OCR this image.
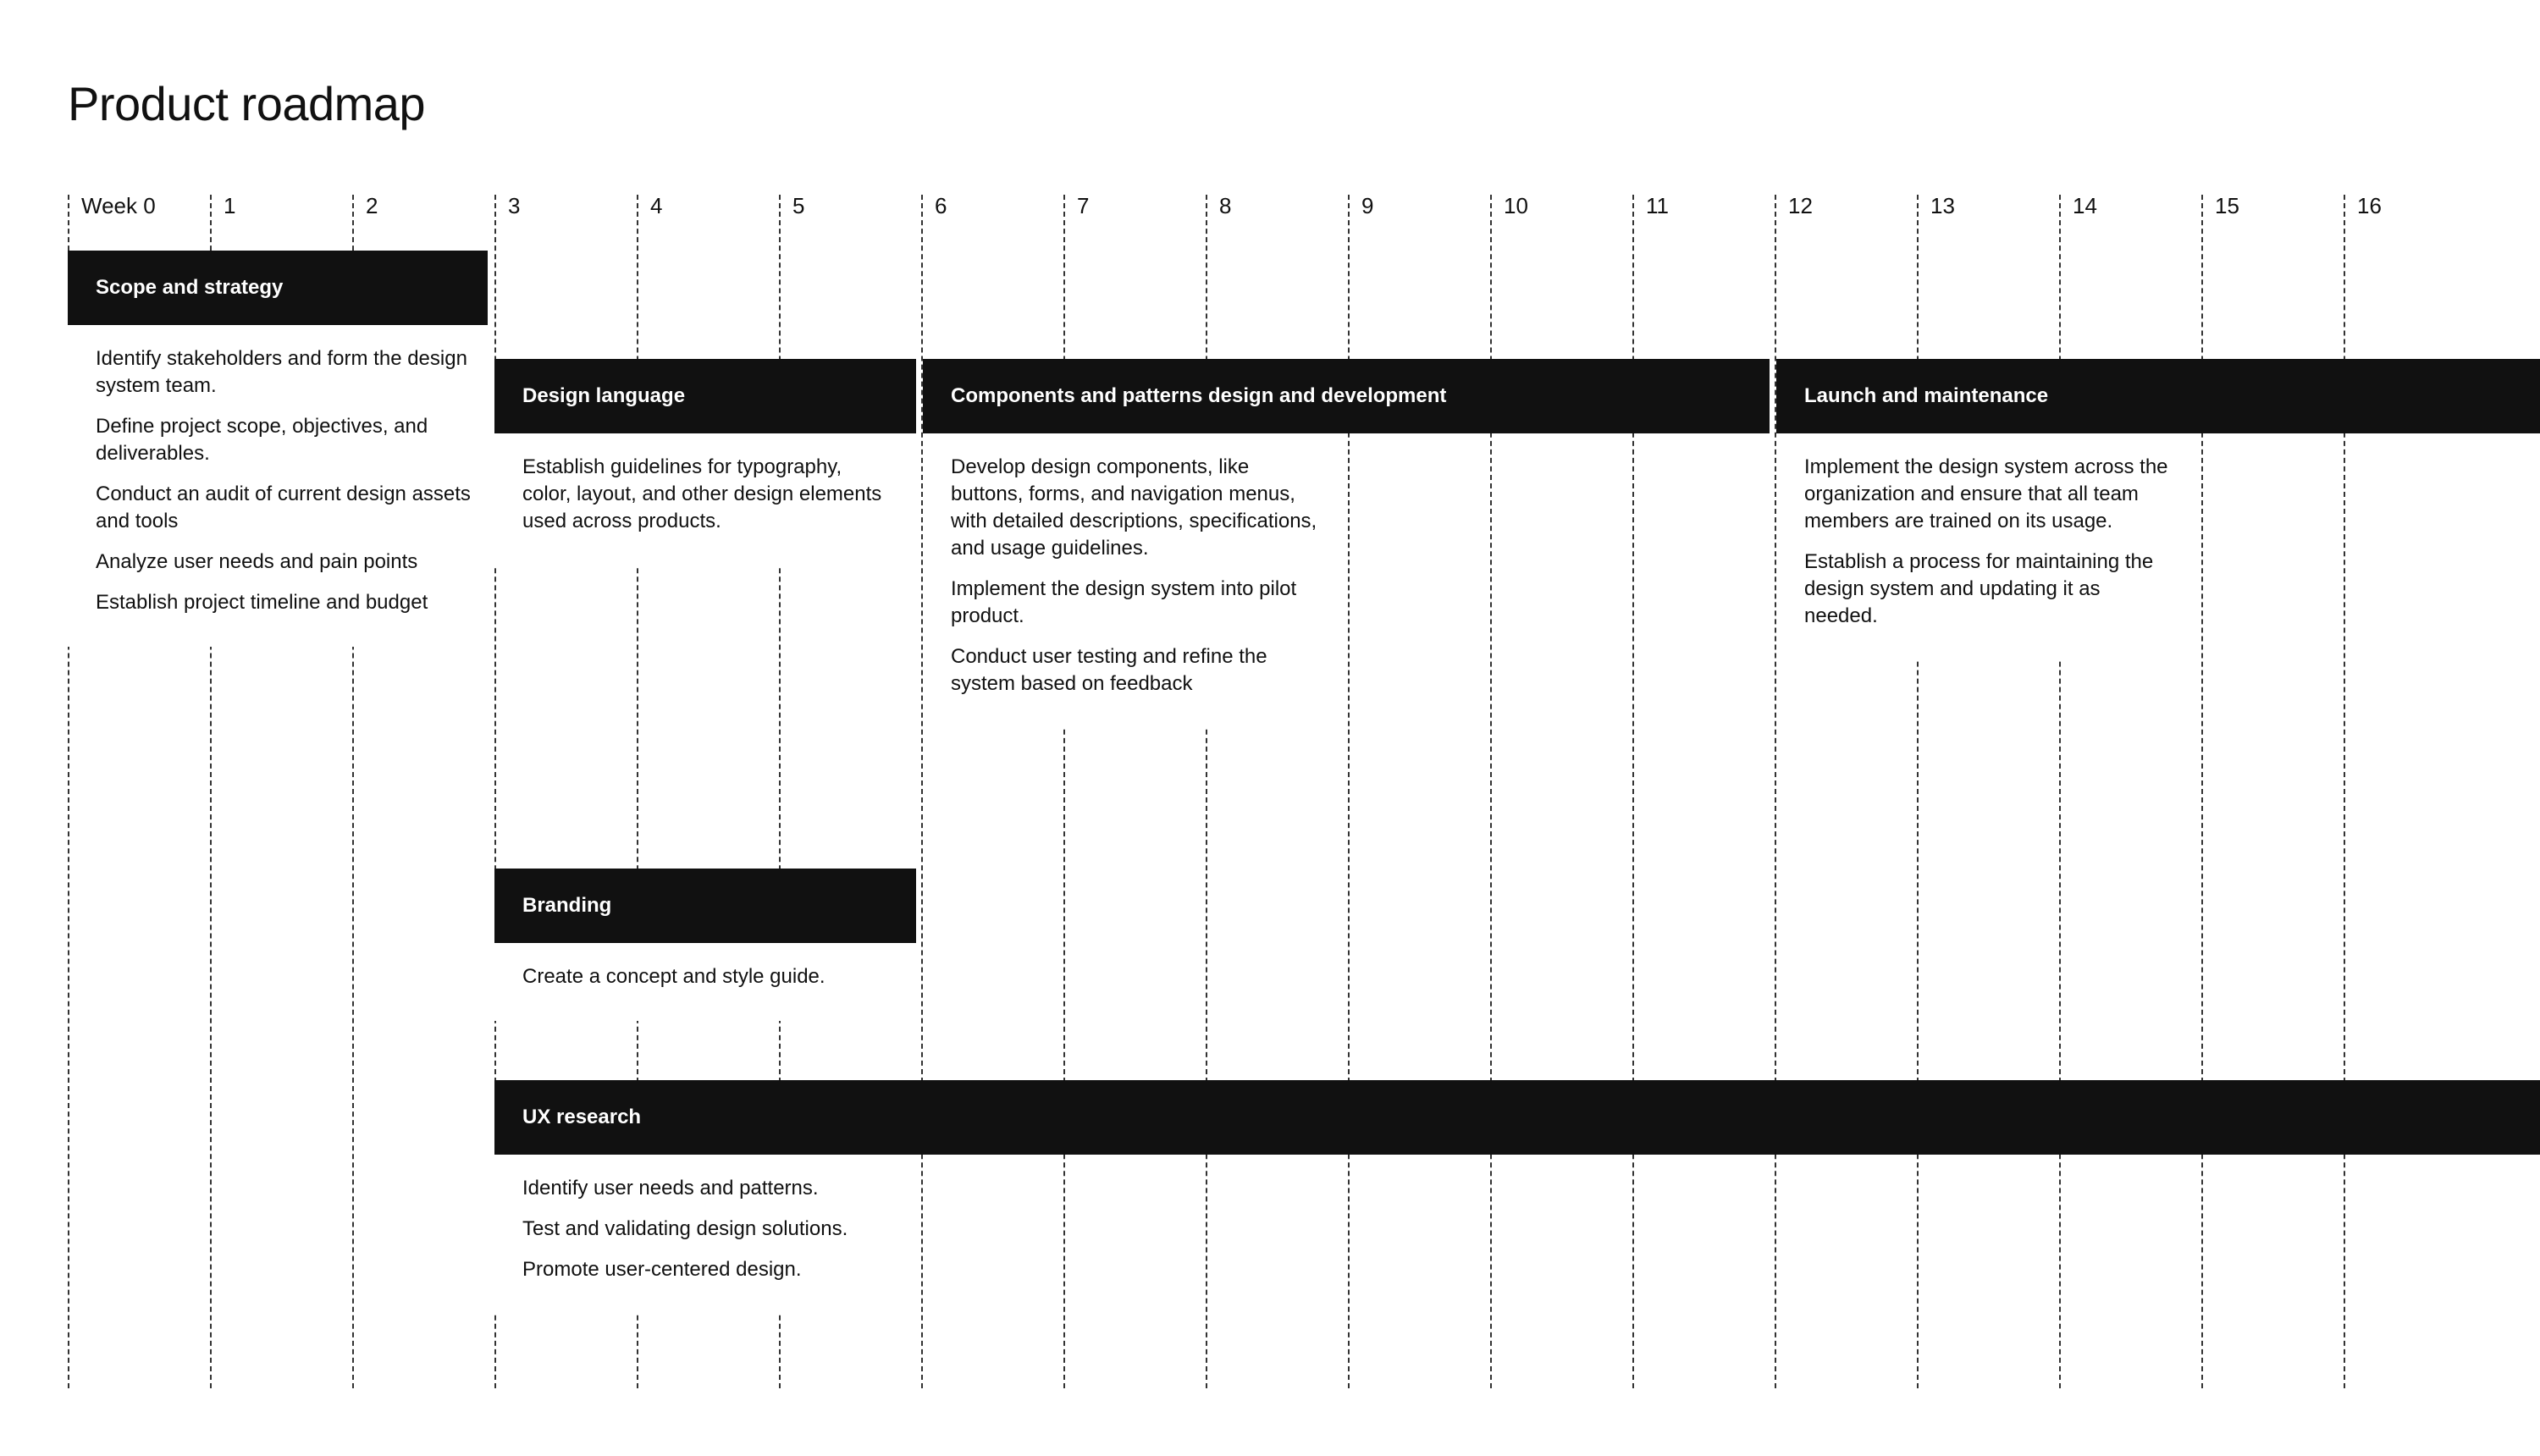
Product roadmap
Week 0	1	2	3	4	5	6	7	8	9	10	11	12	13	14	15	16
Scope and strategy

Identify stakeholders and form the design system team.

Define project scope, objectives, and deliverables.

Conduct an audit of current design assets and tools

Analyze user needs and pain points

Establish project timeline and budget

Design language

Establish guidelines for typography, color, layout, and other design elements used across products.

Components and patterns design and development

Develop design components, like buttons, forms, and navigation menus, with detailed descriptions, specifications, and usage guidelines.

Implement the design system into pilot product.

Conduct user testing and refine the system based on feedback

Launch and maintenance

Implement the design system across the organization and ensure that all team members are trained on its usage.

Establish a process for maintaining the design system and updating it as needed.

Branding

Create a concept and style guide.

UX research

Identify user needs and patterns.

Test and validating design solutions.

Promote user-centered design.
